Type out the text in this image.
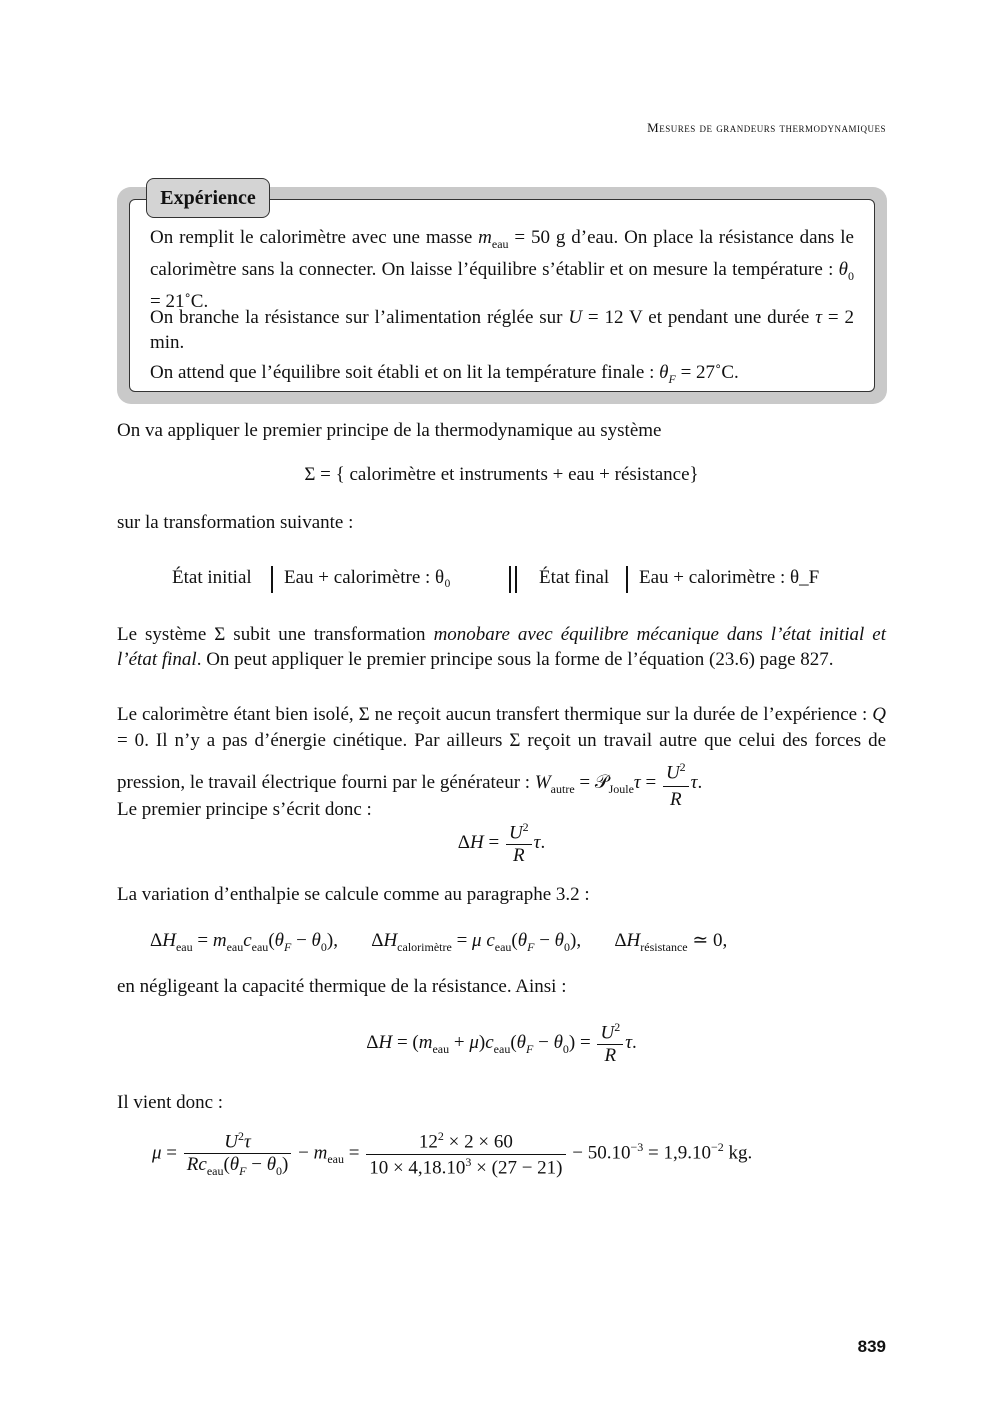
Mesures de grandeurs thermodynamiques
Expérience
On remplit le calorimètre avec une masse $m_{eau} = 50$ g d’eau. On place la résistance dans le calorimètre sans la connecter. On laisse l’équilibre s’établir et on mesure la température : $\theta_0$ = 21˚C.
On branche la résistance sur l’alimentation réglée sur U = 12 V et pendant une durée τ = 2 min.
On attend que l’équilibre soit établi et on lit la température finale : $\theta_F$ = 27˚C.
On va appliquer le premier principe de la thermodynamique au système
Σ = { calorimètre et instruments + eau + résistance}
sur la transformation suivante :
État initial Eau + calorimètre : θ₀	État final Eau + calorimètre : θ_F
Le système Σ subit une transformation monobare avec équilibre mécanique dans l’état initial et l’état final. On peut appliquer le premier principe sous la forme de l’équation (23.6) page 827.
Le calorimètre étant bien isolé, Σ ne reçoit aucun transfert thermique sur la durée de l’expérience : Q = 0. Il n’y a pas d’énergie cinétique. Par ailleurs Σ reçoit un travail autre que celui des forces de pression, le travail électrique fourni par le générateur : $W_{autre}$ = 𝒫$_{Joule}$τ = $\frac{U^2}{R} \tau$.
Le premier principe s’écrit donc :
$\Delta H = \frac{U^2}{R} \tau$.
La variation d’enthalpie se calcule comme au paragraphe 3.2 :
$\Delta H_{eau} = m_{eau}c_{eau}(\theta_F - \theta_0)$,       $\Delta H_{calorimètre} = \mu$ $c_{eau}(\theta_F - \theta_0)$,       $\Delta H_{résistance}$ ≃ 0,
en négligeant la capacité thermique de la résistance. Ainsi :
$\Delta H = (m_{eau} + \mu)c_{eau}(\theta_F - \theta_0) = \frac{U^2}{R} \tau$.
Il vient donc :
$\mu = \frac{U^2\tau}{Rc_{eau}(\theta_F - \theta_0)} - m_{eau} = \frac{12^2 \times 2 \times 60}{10 \times 4,18.10^3 \times (27 - 21)} - 50.10^{-3} = 1,9.10^{-2}$ kg.
839
